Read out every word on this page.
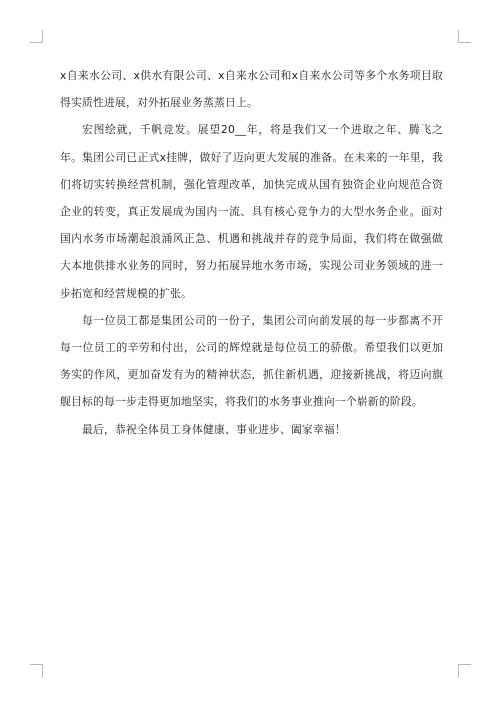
x自来水公司、x供水有限公司、x自来水公司和x自来水公司等多个水务项目取得实质性进展，对外拓展业务蒸蒸日上。

宏图绘就，千帆竞发。展望20__年，将是我们又一个进取之年、腾飞之年。集团公司已正式x挂牌，做好了迈向更大发展的准备。在未来的一年里，我们将切实转换经营机制，强化管理改革，加快完成从国有独资企业向规范合资企业的转变，真正发展成为国内一流、具有核心竞争力的大型水务企业。面对国内水务市场潮起浪涌风正急、机遇和挑战并存的竞争局面，我们将在做强做大本地供排水业务的同时，努力拓展异地水务市场，实现公司业务领域的进一步拓宽和经营规模的扩张。

每一位员工都是集团公司的一份子，集团公司向前发展的每一步都离不开每一位员工的辛劳和付出，公司的辉煌就是每位员工的骄傲。希望我们以更加务实的作风，更加奋发有为的精神状态，抓住新机遇，迎接新挑战，将迈向旗舰目标的每一步走得更加地坚实，将我们的水务事业推向一个崭新的阶段。

最后，恭祝全体员工身体健康、事业进步、阖家幸福！
